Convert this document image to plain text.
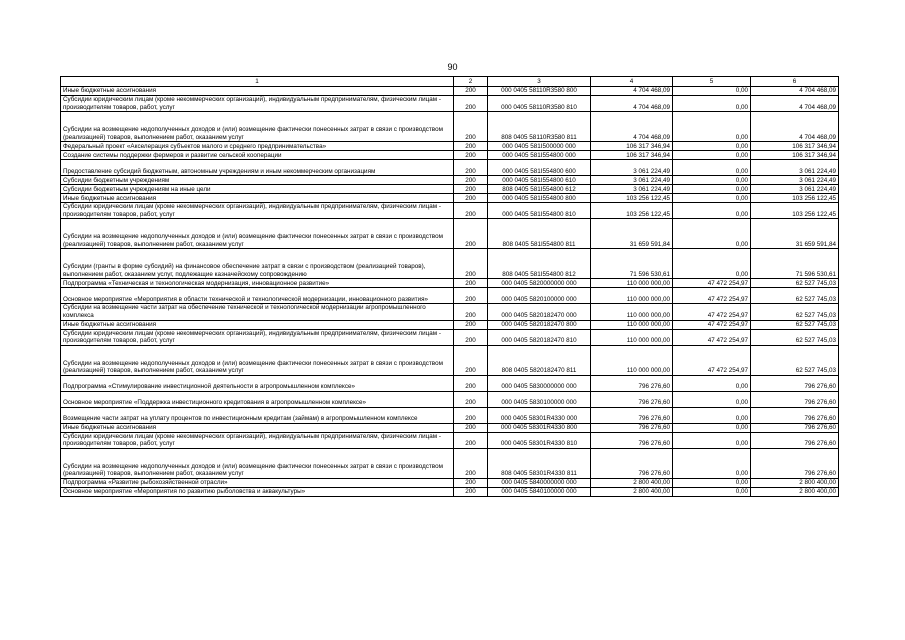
90
1	2	3	4	5	6
Иные бюджетные ассигнования	200	000 0405 58110R3580 800	4 704 468,09	0,00	4 704 468,09
Субсидии юридическим лицам (кроме некоммерческих организаций), индивидуальным предпринимателям, физическим лицам - производителям товаров, работ, услуг	200	000 0405 58110R3580 810	4 704 468,09	0,00	4 704 468,09
Субсидии на возмещение недополученных доходов и (или) возмещение фактически понесенных затрат в связи с производством (реализацией) товаров, выполнением работ, оказанием услуг	200	808 0405 58110R3580 811	4 704 468,09	0,00	4 704 468,09
Федеральный проект «Акселерация субъектов малого и среднего предпринимательства»	200	000 0405 581I500000 000	106 317 346,94	0,00	106 317 346,94
Создание системы поддержки фермеров и развитие сельской кооперации	200	000 0405 581I554800 000	106 317 346,94	0,00	106 317 346,94
Предоставление субсидий бюджетным, автономным учреждениям и иным некоммерческим организациям	200	000 0405 581I554800 600	3 061 224,49	0,00	3 061 224,49
Субсидии бюджетным учреждениям	200	000 0405 581I554800 610	3 061 224,49	0,00	3 061 224,49
Субсидии бюджетным учреждениям на иные цели	200	808 0405 581I554800 612	3 061 224,49	0,00	3 061 224,49
Иные бюджетные ассигнования	200	000 0405 581I554800 800	103 256 122,45	0,00	103 256 122,45
Субсидии юридическим лицам (кроме некоммерческих организаций), индивидуальным предпринимателям, физическим лицам - производителям товаров, работ, услуг	200	000 0405 581I554800 810	103 256 122,45	0,00	103 256 122,45
Субсидии на возмещение недополученных доходов и (или) возмещение фактически понесенных затрат в связи с производством (реализацией) товаров, выполнением работ, оказанием услуг	200	808 0405 581I554800 811	31 659 591,84	0,00	31 659 591,84
Субсидии (гранты в форме субсидий) на финансовое обеспечение затрат в связи с производством (реализацией товаров), выполнением работ, оказанием услуг, подлежащие казначейскому сопровождению	200	808 0405 581I554800 812	71 596 530,61	0,00	71 596 530,61
Подпрограмма «Техническая и технологическая модернизация, инновационное развитие»	200	000 0405 5820000000 000	110 000 000,00	47 472 254,97	62 527 745,03
Основное мероприятие «Мероприятия в области технической и технологической модернизации, инновационного развития»	200	000 0405 5820100000 000	110 000 000,00	47 472 254,97	62 527 745,03
Субсидии на возмещение части затрат на обеспечение технической и технологической модернизации агропромышленного комплекса	200	000 0405 5820182470 000	110 000 000,00	47 472 254,97	62 527 745,03
Иные бюджетные ассигнования	200	000 0405 5820182470 800	110 000 000,00	47 472 254,97	62 527 745,03
Субсидии юридическим лицам (кроме некоммерческих организаций), индивидуальным предпринимателям, физическим лицам - производителям товаров, работ, услуг	200	000 0405 5820182470 810	110 000 000,00	47 472 254,97	62 527 745,03
Субсидии на возмещение недополученных доходов и (или) возмещение фактически понесенных затрат в связи с производством (реализацией) товаров, выполнением работ, оказанием услуг	200	808 0405 5820182470 811	110 000 000,00	47 472 254,97	62 527 745,03
Подпрограмма «Стимулирование инвестиционной деятельности в агропромышленном комплексе»	200	000 0405 5830000000 000	796 276,60	0,00	796 276,60
Основное мероприятие «Поддержка инвестиционного кредитования в агропромышленном комплексе»	200	000 0405 5830100000 000	796 276,60	0,00	796 276,60
Возмещение части затрат на уплату процентов по инвестиционным кредитам (займам) в агропромышленном комплексе	200	000 0405 58301R4330 000	796 276,60	0,00	796 276,60
Иные бюджетные ассигнования	200	000 0405 58301R4330 800	796 276,60	0,00	796 276,60
Субсидии юридическим лицам (кроме некоммерческих организаций), индивидуальным предпринимателям, физическим лицам - производителям товаров, работ, услуг	200	000 0405 58301R4330 810	796 276,60	0,00	796 276,60
Субсидии на возмещение недополученных доходов и (или) возмещение фактически понесенных затрат в связи с производством (реализацией) товаров, выполнением работ, оказанием услуг	200	808 0405 58301R4330 811	796 276,60	0,00	796 276,60
Подпрограмма «Развитие рыбохозяйственной отрасли»	200	000 0405 5840000000 000	2 800 400,00	0,00	2 800 400,00
Основное мероприятие «Мероприятия по развитию рыболовства и аквакультуры»	200	000 0405 5840100000 000	2 800 400,00	0,00	2 800 400,00
